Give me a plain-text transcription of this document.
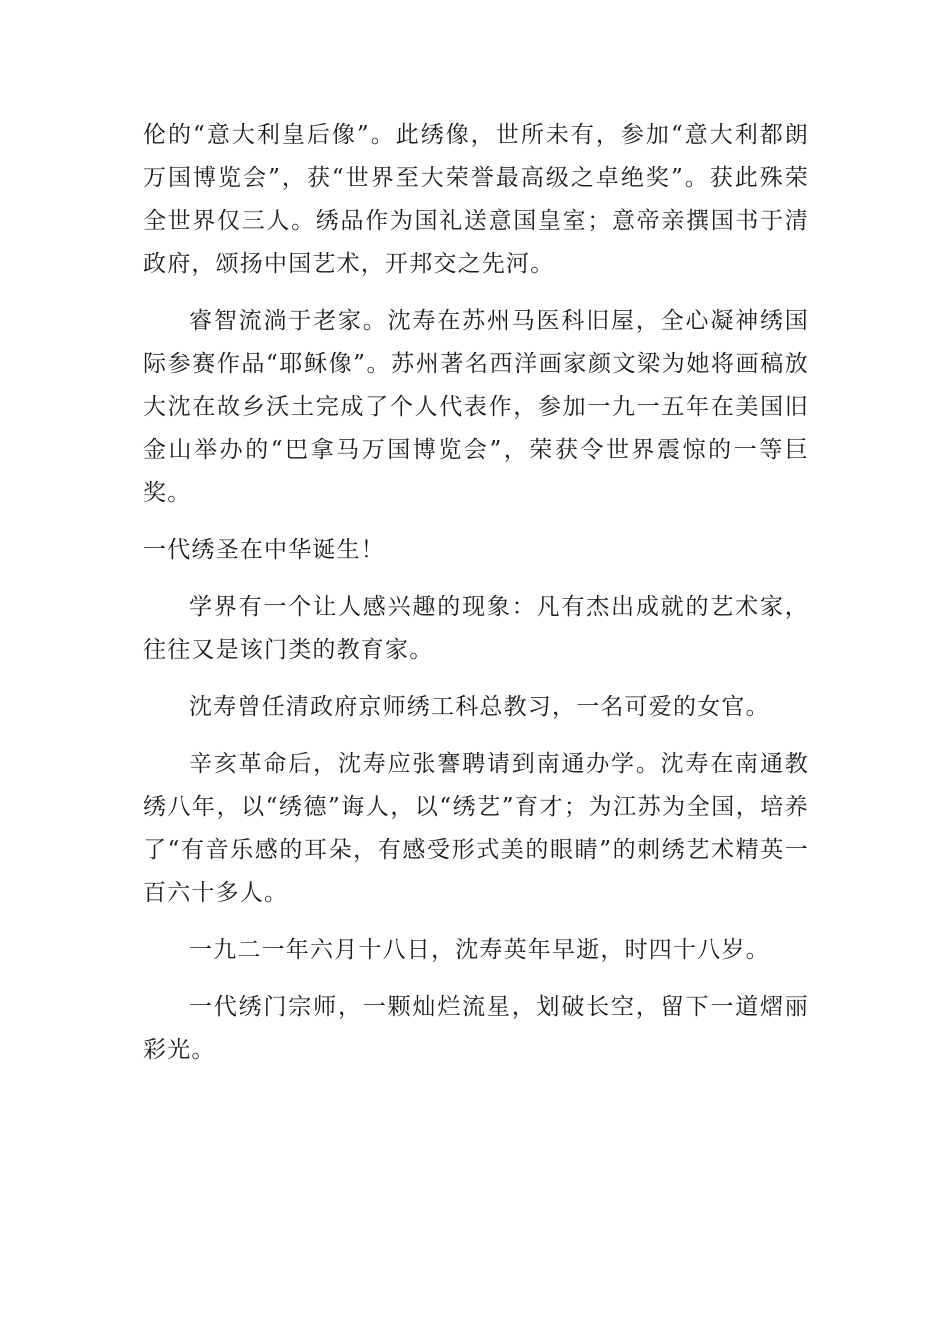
伦的“意大利皇后像”。此绣像，世所未有，参加“意大利都朗万国博览会”，获“世界至大荣誉最高级之卓绝奖”。获此殊荣全世界仅三人。绣品作为国礼送意国皇室；意帝亲撰国书于清政府，颂扬中国艺术，开邦交之先河。

睿智流淌于老家。沈寿在苏州马医科旧屋，全心凝神绣国际参赛作品“耶稣像”。苏州著名西洋画家颜文梁为她将画稿放大沈在故乡沃土完成了个人代表作，参加一九一五年在美国旧金山举办的“巴拿马万国博览会”，荣获令世界震惊的一等巨奖。

一代绣圣在中华诞生！

学界有一个让人感兴趣的现象：凡有杰出成就的艺术家，往往又是该门类的教育家。

沈寿曾任清政府京师绣工科总教习，一名可爱的女官。

辛亥革命后，沈寿应张謇聘请到南通办学。沈寿在南通教绣八年，以“绣德”诲人，以“绣艺”育才；为江苏为全国，培养了“有音乐感的耳朵，有感受形式美的眼睛”的刺绣艺术精英一百六十多人。

一九二一年六月十八日，沈寿英年早逝，时四十八岁。

一代绣门宗师，一颗灿烂流星，划破长空，留下一道熠丽彩光。
